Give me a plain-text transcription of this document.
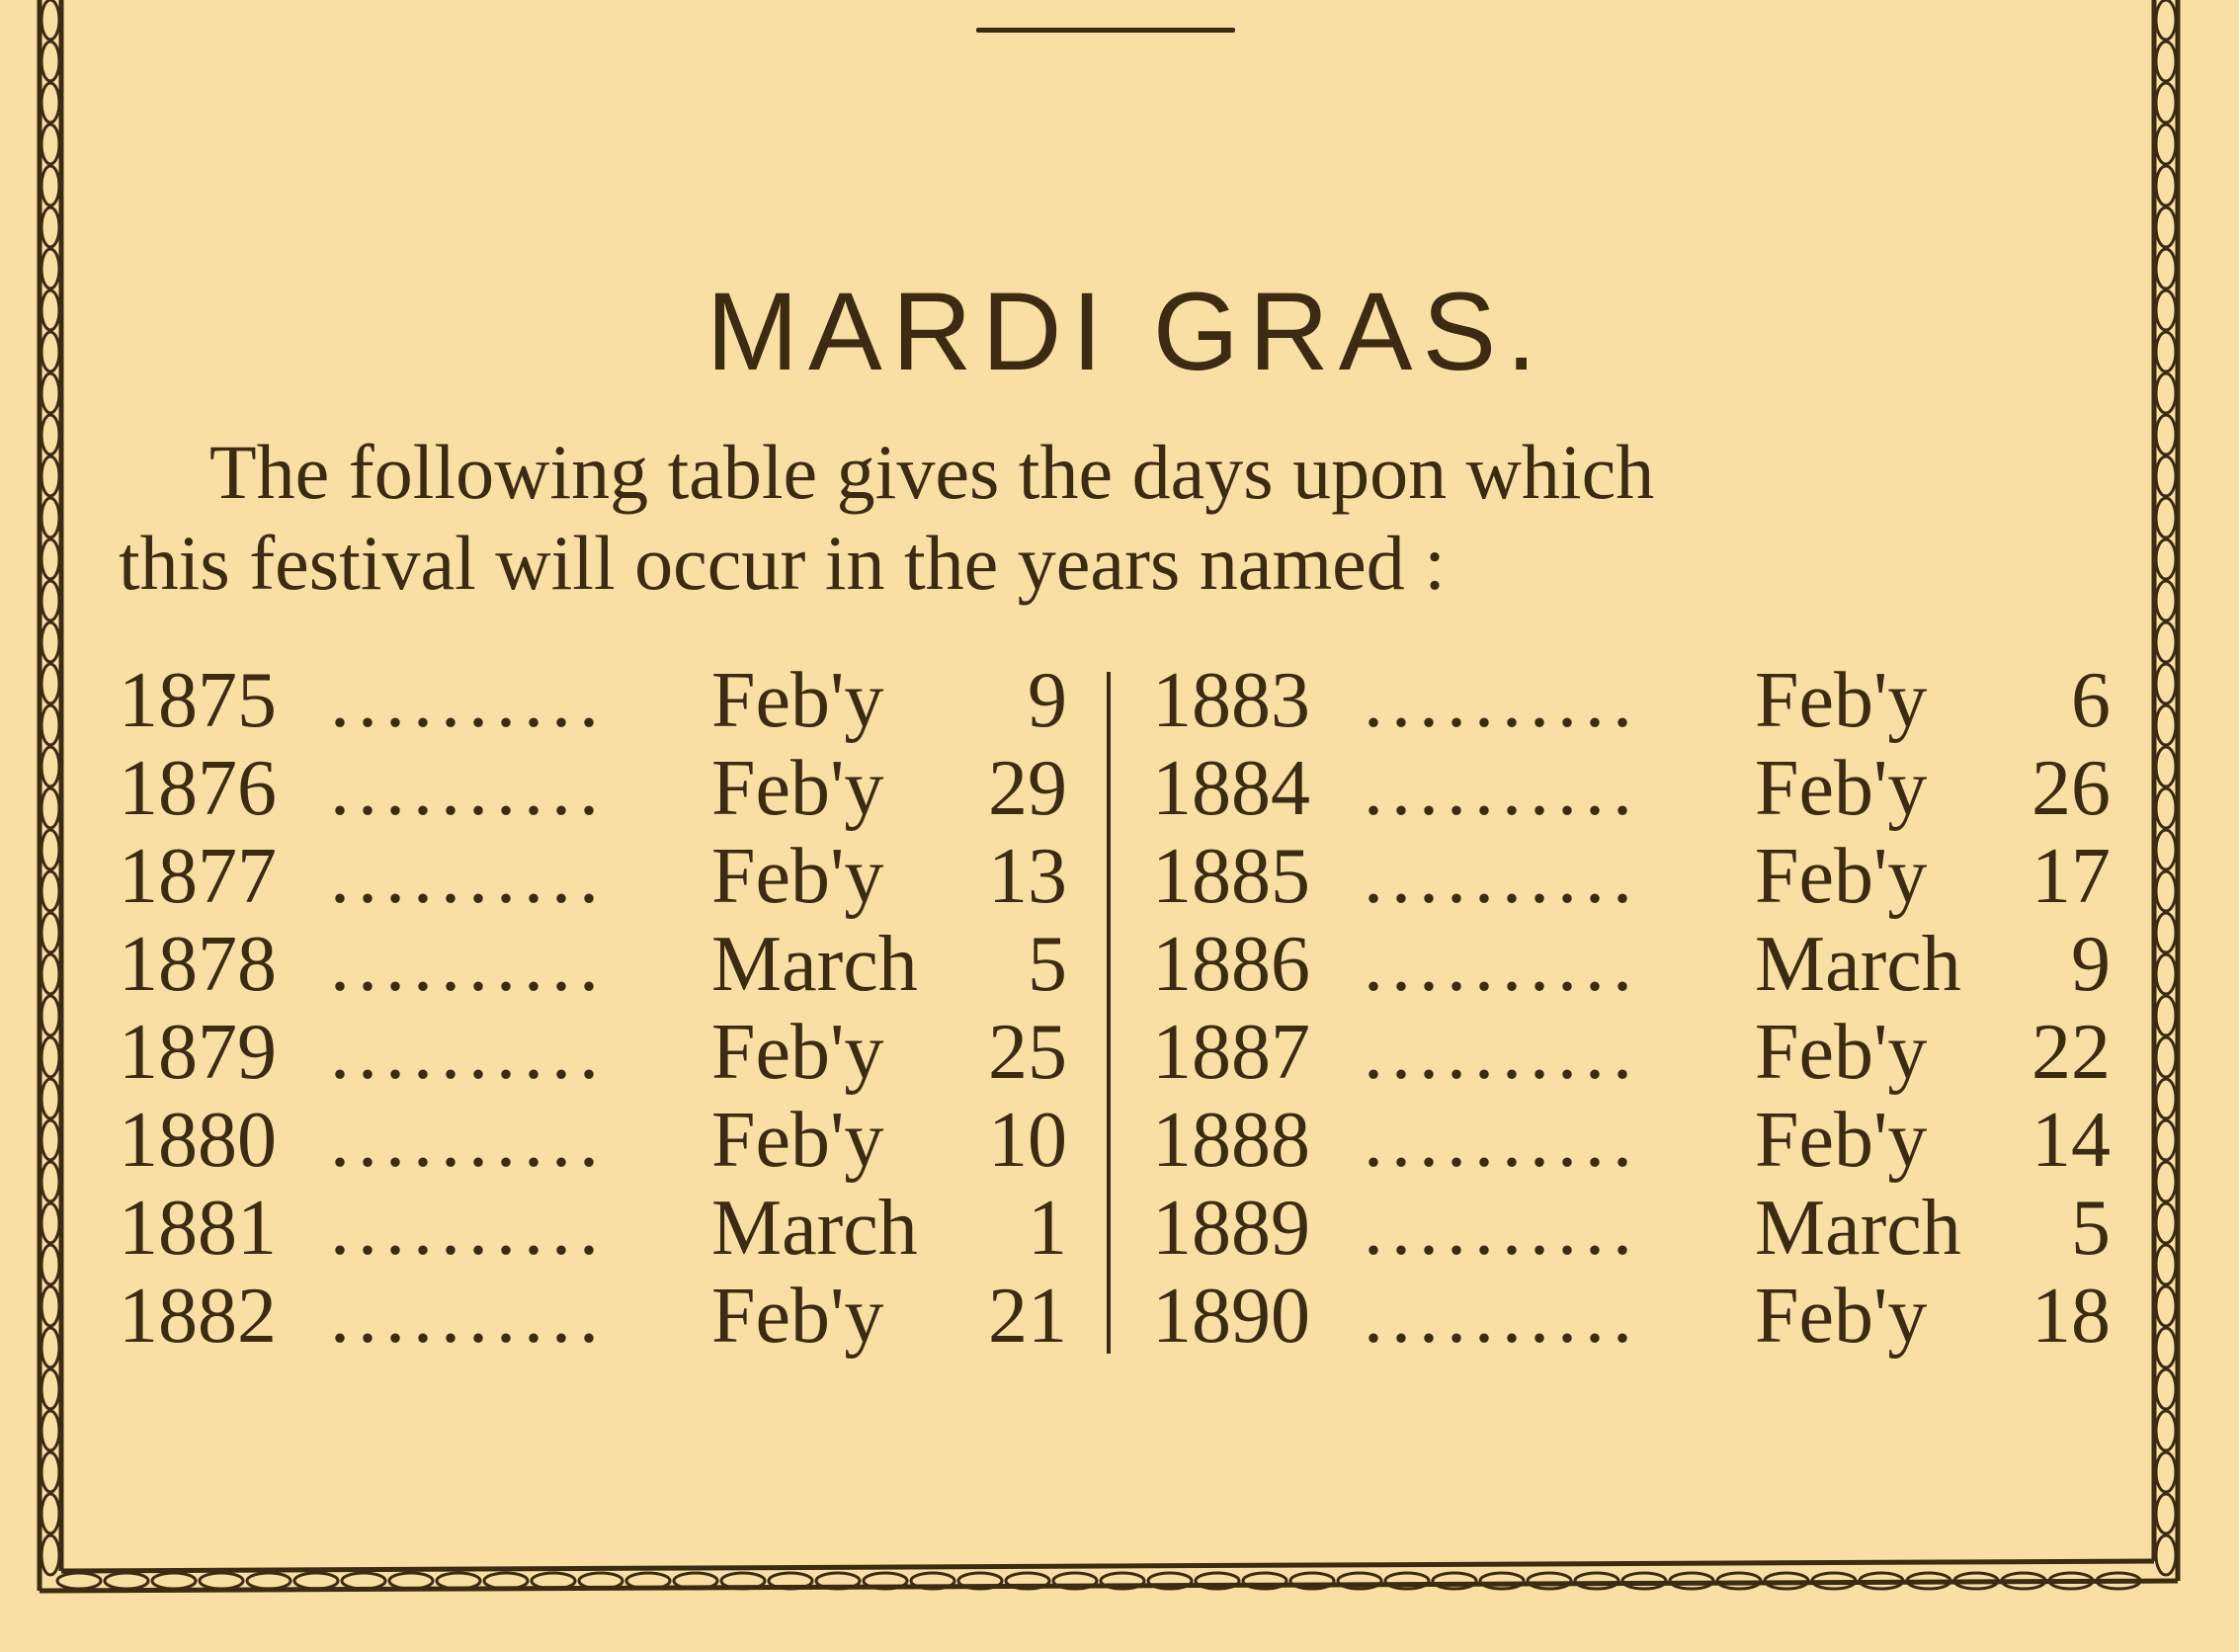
MARDI GRAS.

The following table gives the days upon which
this festival will occur in the years named :

1875 ..........	Feb'y	9
1876 ..........	Feb'y	29
1877 ..........	Feb'y	13
1878 ..........	March	5
1879 ..........	Feb'y	25
1880 ..........	Feb'y	10
1881 ..........	March	1
1882 ..........	Feb'y	21
1883 ..........	Feb'y	6
1884 ..........	Feb'y	26
1885 ..........	Feb'y	17
1886 ..........	March	9
1887 ..........	Feb'y	22
1888 ..........	Feb'y	14
1889 ..........	March	5
1890 ..........	Feb'y	18
